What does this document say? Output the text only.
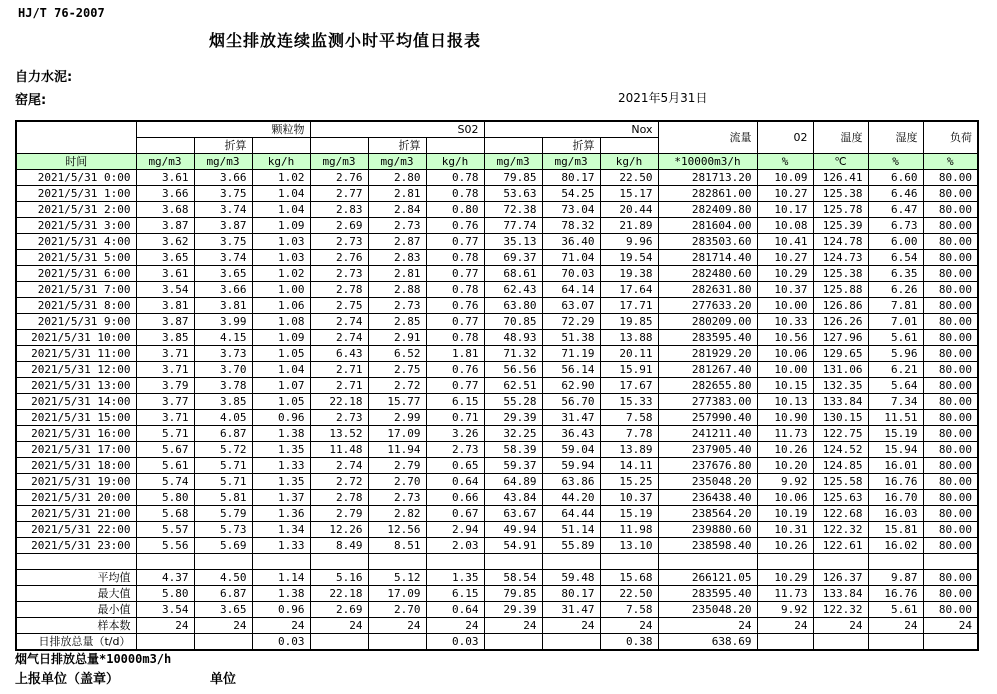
HJ/T 76-2007
烟尘排放连续监测小时平均值日报表
自力水泥:
窑尾:	2021年5月31日
	颗粒物			S02			Nox			流量	02	温度	湿度	负荷
		折算			折算			折算						
时间	mg/m3	mg/m3	kg/h	mg/m3	mg/m3	kg/h	mg/m3	mg/m3	kg/h	*10000m3/h	%	℃	%	%
2021/5/31 0:00	3.61	3.66	1.02	2.76	2.80	0.78	79.85	80.17	22.50	281713.20	10.09	126.41	6.60	80.00
2021/5/31 1:00	3.66	3.75	1.04	2.77	2.81	0.78	53.63	54.25	15.17	282861.00	10.27	125.38	6.46	80.00
2021/5/31 2:00	3.68	3.74	1.04	2.83	2.84	0.80	72.38	73.04	20.44	282409.80	10.17	125.78	6.47	80.00
2021/5/31 3:00	3.87	3.87	1.09	2.69	2.73	0.76	77.74	78.32	21.89	281604.00	10.08	125.39	6.73	80.00
2021/5/31 4:00	3.62	3.75	1.03	2.73	2.87	0.77	35.13	36.40	9.96	283503.60	10.41	124.78	6.00	80.00
2021/5/31 5:00	3.65	3.74	1.03	2.76	2.83	0.78	69.37	71.04	19.54	281714.40	10.27	124.73	6.54	80.00
2021/5/31 6:00	3.61	3.65	1.02	2.73	2.81	0.77	68.61	70.03	19.38	282480.60	10.29	125.38	6.35	80.00
2021/5/31 7:00	3.54	3.66	1.00	2.78	2.88	0.78	62.43	64.14	17.64	282631.80	10.37	125.88	6.26	80.00
2021/5/31 8:00	3.81	3.81	1.06	2.75	2.73	0.76	63.80	63.07	17.71	277633.20	10.00	126.86	7.81	80.00
2021/5/31 9:00	3.87	3.99	1.08	2.74	2.85	0.77	70.85	72.29	19.85	280209.00	10.33	126.26	7.01	80.00
2021/5/31 10:00	3.85	4.15	1.09	2.74	2.91	0.78	48.93	51.38	13.88	283595.40	10.56	127.96	5.61	80.00
2021/5/31 11:00	3.71	3.73	1.05	6.43	6.52	1.81	71.32	71.19	20.11	281929.20	10.06	129.65	5.96	80.00
2021/5/31 12:00	3.71	3.70	1.04	2.71	2.75	0.76	56.56	56.14	15.91	281267.40	10.00	131.06	6.21	80.00
2021/5/31 13:00	3.79	3.78	1.07	2.71	2.72	0.77	62.51	62.90	17.67	282655.80	10.15	132.35	5.64	80.00
2021/5/31 14:00	3.77	3.85	1.05	22.18	15.77	6.15	55.28	56.70	15.33	277383.00	10.13	133.84	7.34	80.00
2021/5/31 15:00	3.71	4.05	0.96	2.73	2.99	0.71	29.39	31.47	7.58	257990.40	10.90	130.15	11.51	80.00
2021/5/31 16:00	5.71	6.87	1.38	13.52	17.09	3.26	32.25	36.43	7.78	241211.40	11.73	122.75	15.19	80.00
2021/5/31 17:00	5.67	5.72	1.35	11.48	11.94	2.73	58.39	59.04	13.89	237905.40	10.26	124.52	15.94	80.00
2021/5/31 18:00	5.61	5.71	1.33	2.74	2.79	0.65	59.37	59.94	14.11	237676.80	10.20	124.85	16.01	80.00
2021/5/31 19:00	5.74	5.71	1.35	2.72	2.70	0.64	64.89	63.86	15.25	235048.20	9.92	125.58	16.76	80.00
2021/5/31 20:00	5.80	5.81	1.37	2.78	2.73	0.66	43.84	44.20	10.37	236438.40	10.06	125.63	16.70	80.00
2021/5/31 21:00	5.68	5.79	1.36	2.79	2.82	0.67	63.67	64.44	15.19	238564.20	10.19	122.68	16.03	80.00
2021/5/31 22:00	5.57	5.73	1.34	12.26	12.56	2.94	49.94	51.14	11.98	239880.60	10.31	122.32	15.81	80.00
2021/5/31 23:00	5.56	5.69	1.33	8.49	8.51	2.03	54.91	55.89	13.10	238598.40	10.26	122.61	16.02	80.00

平均值	4.37	4.50	1.14	5.16	5.12	1.35	58.54	59.48	15.68	266121.05	10.29	126.37	9.87	80.00
最大值	5.80	6.87	1.38	22.18	17.09	6.15	79.85	80.17	22.50	283595.40	11.73	133.84	16.76	80.00
最小值	3.54	3.65	0.96	2.69	2.70	0.64	29.39	31.47	7.58	235048.20	9.92	122.32	5.61	80.00
样本数	24	24	24	24	24	24	24	24	24	24	24	24	24	24
日排放总量（t/d）			0.03			0.03			0.38	638.69				
烟气日排放总量*10000m3/h
上报单位（盖章）	单位
